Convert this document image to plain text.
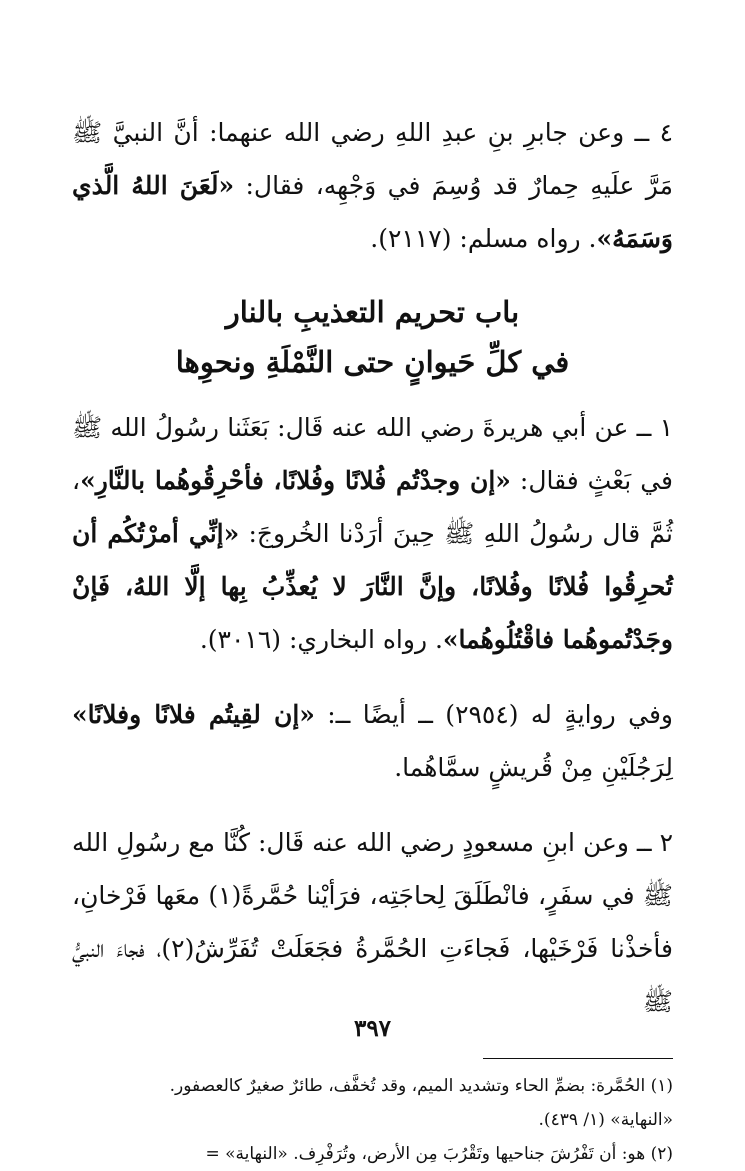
٤ ــ وعن جابرِ بنِ عبدِ اللهِ رضي الله عنهما: أنَّ النبيَّ ﷺ مَرَّ علَيهِ حِمارٌ قد وُسِمَ في وَجْهِه، فقال: «لَعَنَ اللهُ الَّذي وَسَمَهُ». رواه مسلم: (٢١١٧).

باب تحريم التعذيبِ بالنار
في كلِّ حَيوانٍ حتى النَّمْلَةِ ونحوِها

١ ــ عن أبي هريرةَ رضي الله عنه قَال: بَعَثَنا رسُولُ الله ﷺ في بَعْثٍ فقال: «إن وجدْتُم فُلانًا وفُلانًا، فأحْرِقُوهُما بالنَّارِ»، ثُمَّ قال رسُولُ اللهِ ﷺ حِينَ أرَدْنا الخُروجَ: «إنِّي أمرْتُكُم أن تُحرِقُوا فُلانًا وفُلانًا، وإنَّ النَّارَ لا يُعذِّبُ بِها إلَّا اللهُ، فَإنْ وجَدْتُموهُما فاقْتُلُوهُما». رواه البخاري: (٣٠١٦).

وفي روايةٍ له (٢٩٥٤) ــ أيضًا ــ: «إن لقِيتُم فلانًا وفلانًا» لِرَجُلَيْنِ مِنْ قُريشٍ سمَّاهُما.

٢ ــ وعن ابنِ مسعودٍ رضي الله عنه قَال: كُنَّا مع رسُولِ الله ﷺ في سفَرٍ، فانْطَلَقَ لِحاجَتِه، فرَأيْنا حُمَّرةً(١) معَها فَرْخانِ، فأخذْنا فَرْخَيْها، فَجاءَتِ الحُمَّرةُ فجَعَلَتْ تُفَرِّشُ(٢)، فجاءَ النبيُّ ﷺ

(١) الحُمَّرة: بضمِّ الحاء وتشديد الميم، وقد تُخفَّف، طائرٌ صغيرٌ كالعصفور.

«النهاية» (١/ ٤٣٩).

(٢) هو: أن تَفْرُشَ جناحيها وتَقْرُبَ مِن الأرض، وتُرَفْرِف. «النهاية» =

٣٩٧
